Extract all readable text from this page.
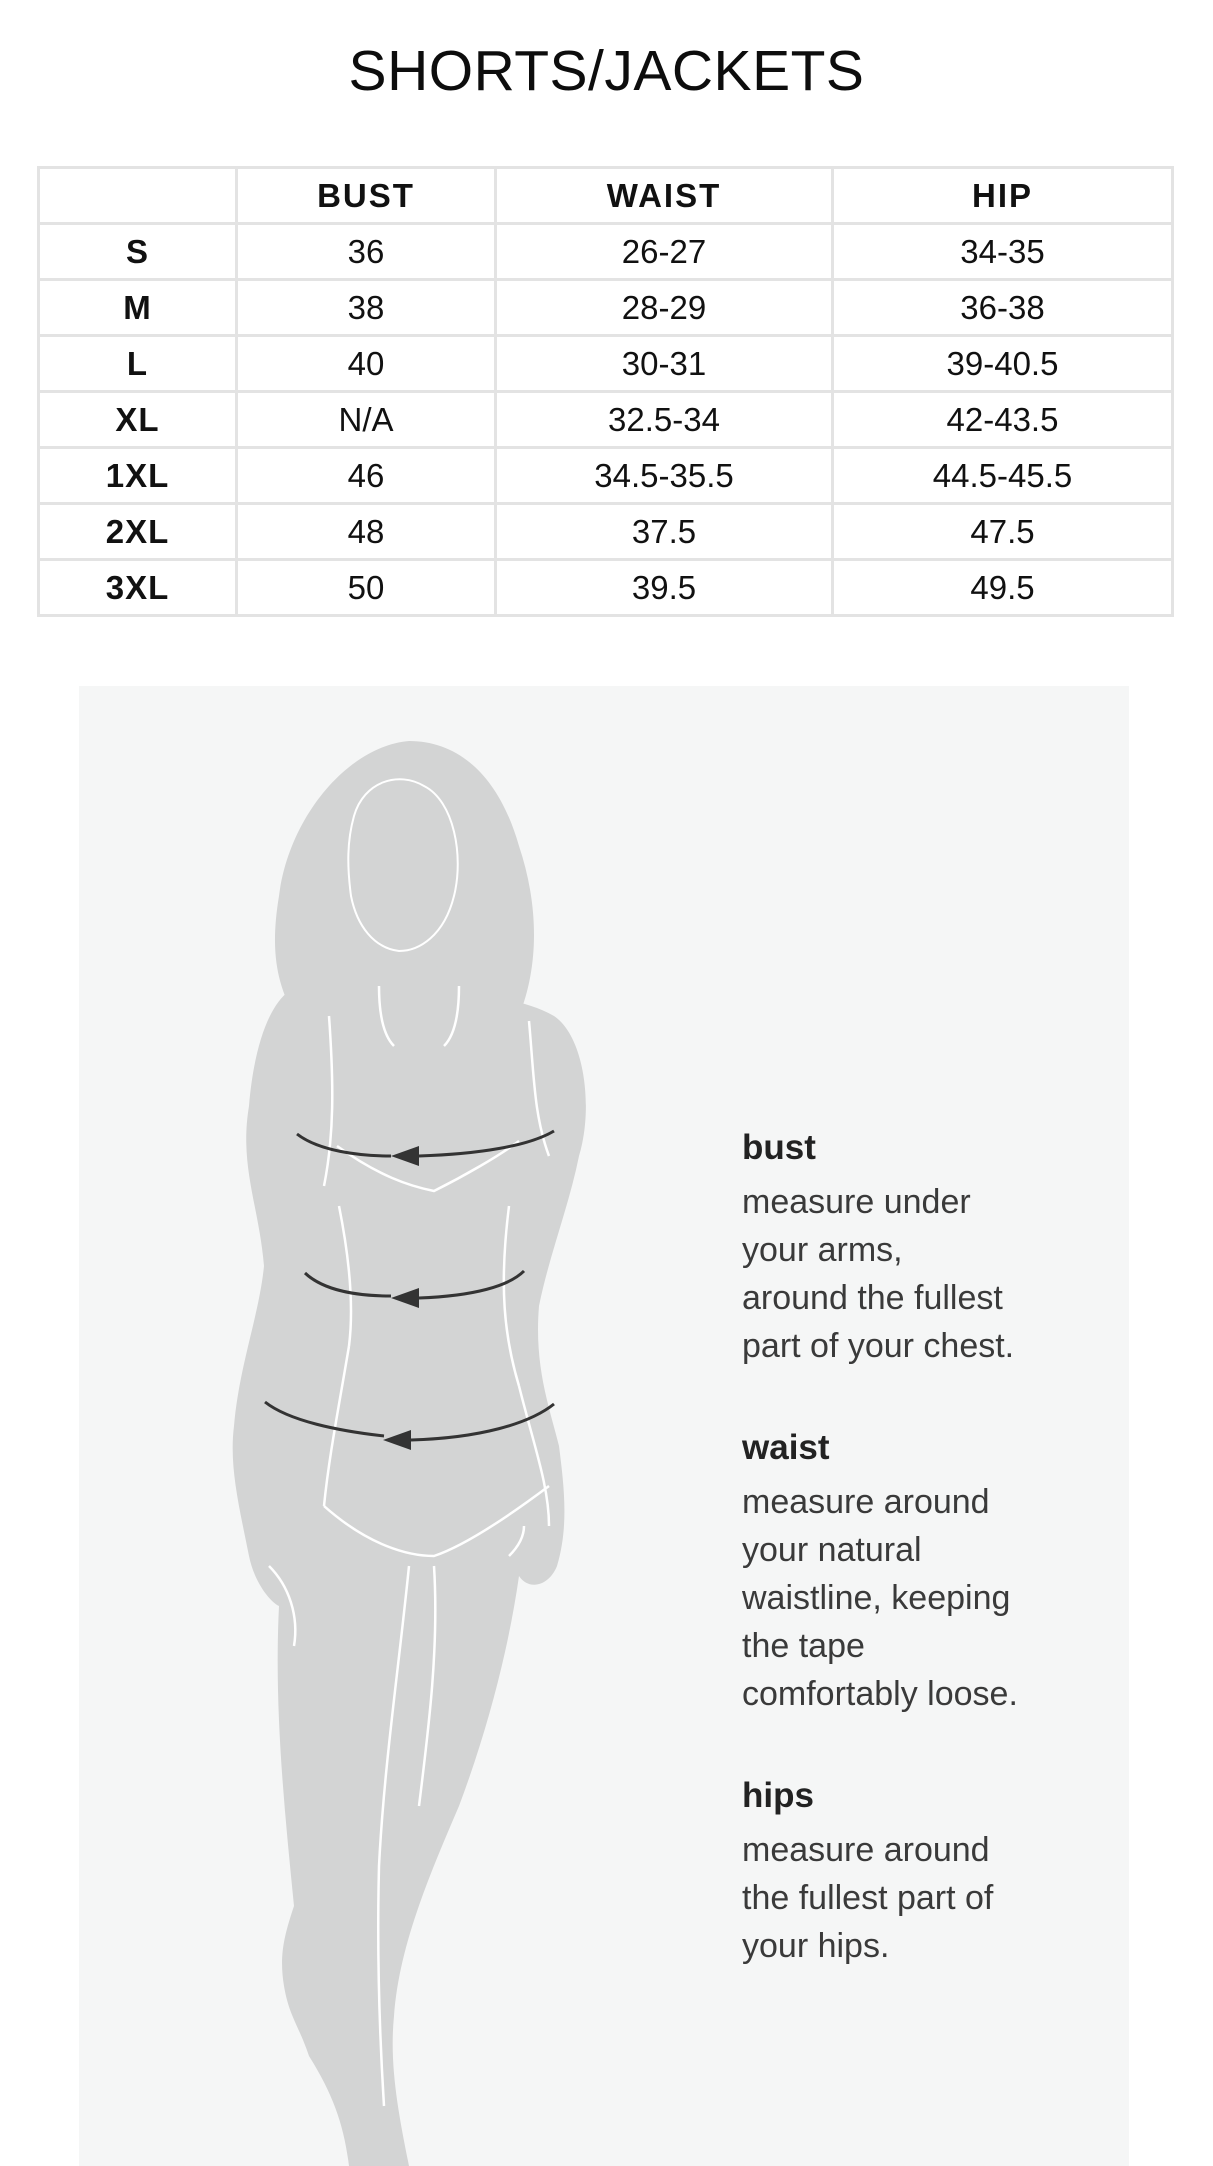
SHORTS/JACKETS
	BUST	WAIST	HIP
S	36	26-27	34-35
M	38	28-29	36-38
L	40	30-31	39-40.5
XL	N/A	32.5-34	42-43.5
1XL	46	34.5-35.5	44.5-45.5
2XL	48	37.5	47.5
3XL	50	39.5	49.5
bust

measure under
your arms,
around the fullest
part of your chest.

waist

measure around
your natural
waistline, keeping
the tape
comfortably loose.

hips

measure around
the fullest part of
your hips.
